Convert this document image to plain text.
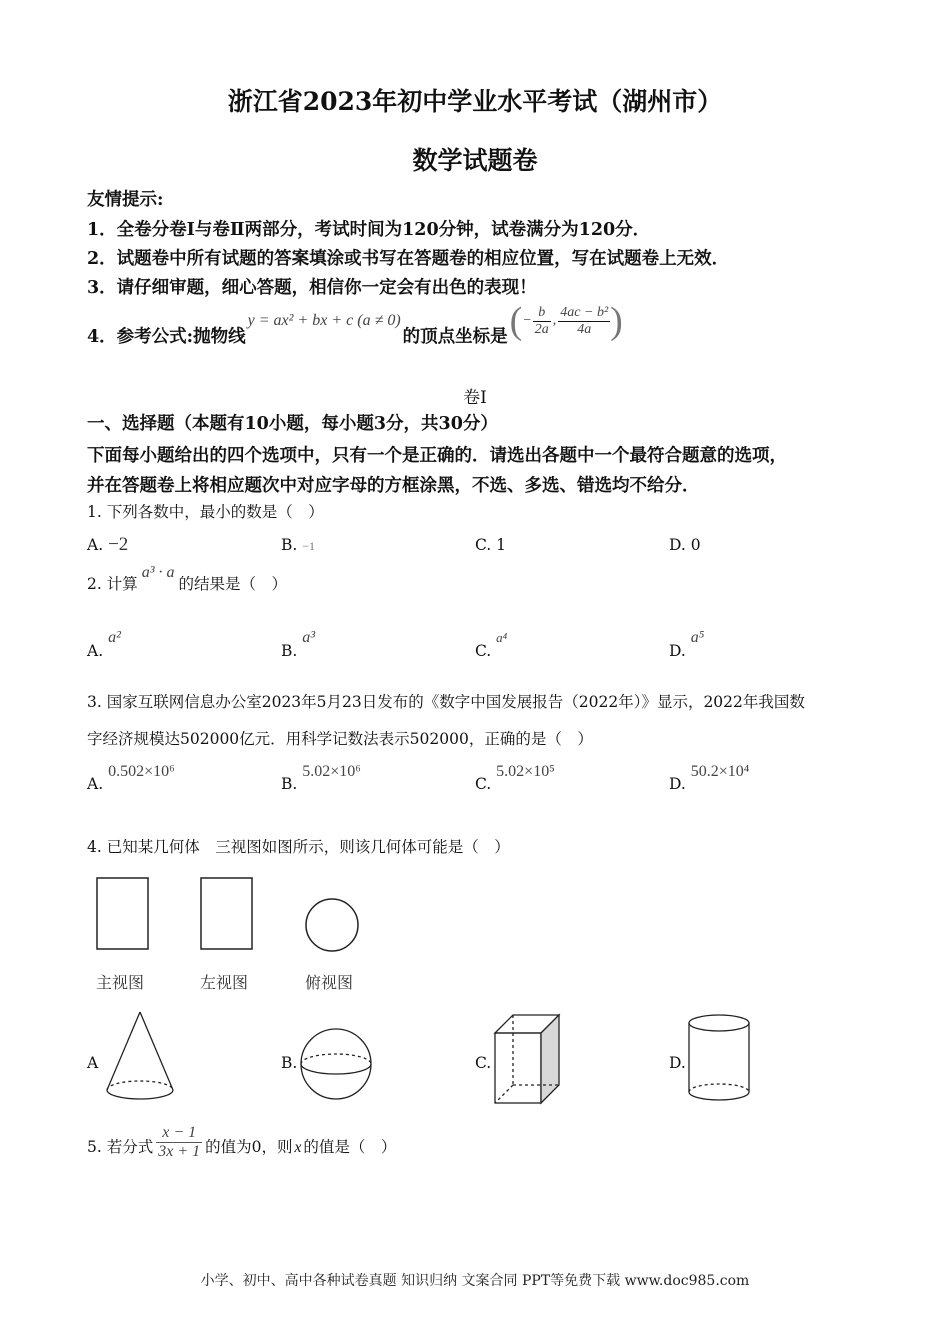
浙江省2023年初中学业水平考试（湖州市）
数学试题卷
友情提示:
1．全卷分卷Ⅰ与卷Ⅱ两部分，考试时间为120分钟，试卷满分为120分．
2．试题卷中所有试题的答案填涂或书写在答题卷的相应位置，写在试题卷上无效．
3．请仔细审题，细心答题，相信你一定会有出色的表现！
4．参考公式:抛物线
y = ax² + bx + c (a ≠ 0)
的顶点坐标是 ( − $\frac{b}{2a}$ , $\frac{\text{4ac − b²}}{4a}$ )
卷Ⅰ
一、选择题（本题有10小题，每小题3分，共30分）
下面每小题给出的四个选项中，只有一个是正确的．请选出各题中一个最符合题意的选项，
并在答题卷上将相应题次中对应字母的方框涂黑，不选、多选、错选均不给分．
1. 下列各数中，最小的数是（　）
A. −2	B. −1	C. 1	D. 0
2. 计算
a³ · a
的结果是（　）
A. a²
B. a³
C. a⁴
D. a⁵
3. 国家互联网信息办公室2023年5月23日发布的《数字中国发展报告（2022年）》显示，2022年我国数
字经济规模达502000亿元．用科学记数法表示502000，正确的是（　）
A. 0.502×10⁶
B. 5.02×10⁶
C. 5.02×10⁵
D. 50.2×10⁴
4. 已知某几何体　三视图如图所示，则该几何体可能是（　）
主视图	左视图	俯视图
A	B.	C.	D.
5. 若分式 $\frac{x - 1}{3x + 1}$ 的值为0，则 x 的值是（　）
小学、初中、高中各种试卷真题 知识归纳 文案合同 PPT等免费下载 www.doc985.com
